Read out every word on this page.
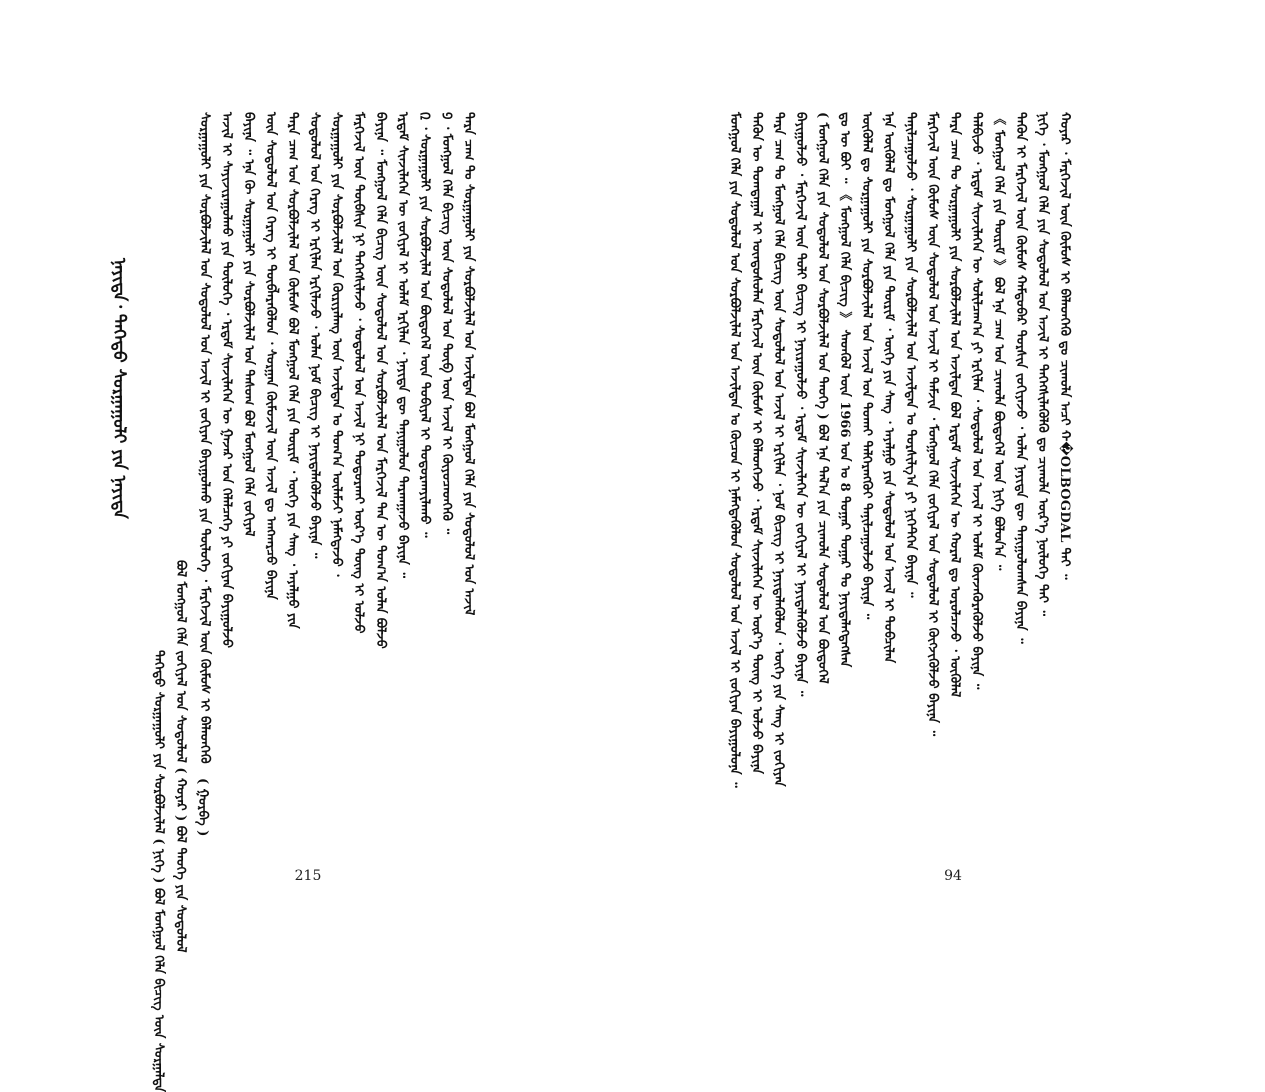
ᠨᠡᠶᠢᠲᠡ᠂ ᠳᠡᠭᠡᠳᠦ ᠰᠤᠷᠭᠠᠭᠤᠯᠢ ᠶᠢᠨ ᠨᠡᠶᠢᠲᠡ
ᠳᠡᠭᠡᠳᠦ ᠰᠤᠷᠭᠠᠭᠤᠯᠢ ᠶᠢᠨ ᠰᠤᠷᠪᠤᠯᠵᠢᠯᠠᠯ ( ᠨᠢᠭᠡ ) ᠪᠣᠯ ᠮᠣᠩᠭᠣᠯ ᠬᠡᠯᠡ ᠪᠢᠴᠢᠭ ᠦᠨ ᠰᠤᠷᠭᠠᠯᠲᠠ ᠪᠣᠯ ᠮᠣᠩᠭᠣᠯ ᠬᠡᠯᠡ ᠵᠣᠬᠢᠶᠠᠯ ᠤᠨ ᠰᠤᠳᠤᠯᠤᠯ ( ᠬᠣᠶᠠᠷ ) ᠪᠣᠯ ᠲᠡᠦᠬᠡ ᠶᠢᠨ ᠰᠤᠳᠤᠯᠤᠯ ( ᠭᠤᠷᠪᠠ )
ᠰᠤᠷᠭᠠᠭᠤᠯᠢ ᠶᠢᠨ ᠰᠤᠷᠪᠤᠯᠵᠢᠯᠠᠯ ᠤᠨ ᠰᠤᠳᠤᠯᠤᠯ ᠤᠨ ᠠᠵᠢᠯ ᠢ ᠵᠣᠬᠢᠶᠠᠨ ᠪᠠᠶᠢᠭᠤᠯᠬᠤ ᠶᠢᠨ ᠲᠥᠯᠥᠭᠡ ᠂ ᠮᠡᠷᠭᠡᠵᠢᠯ ᠦᠨ ᠬᠦᠮᠦᠰ ᠢ ᠪᠡᠯᠡᠳᠬᠡᠬᠦ ᠠᠵᠢᠯ ᠢ ᠰᠠᠶᠢᠵᠢᠷᠠᠭᠤᠯᠬᠤ ᠶᠢᠨ ᠲᠥᠯᠥᠭᠡ ᠂ ᠡᠷᠳᠡᠮ ᠰᠢᠨᠵᠢᠯᠡᠭᠡᠨ ᠦ ᠭᠠᠵᠠᠷ ᠤᠨ ᠬᠡᠯᠡᠯᠴᠡᠭᠡ ᠶᠢ ᠵᠣᠬᠢᠶᠠᠨ ᠪᠠᠶᠢᠭᠤᠯᠵᠤ ᠪᠠᠶᠢᠨᠠ ᠃ ᠡᠨᠡ ᠬᠦ ᠰᠤᠷᠭᠠᠭᠤᠯᠢ ᠶᠢᠨ ᠰᠤᠷᠪᠤᠯᠵᠢᠯᠠᠯ ᠤᠨ ᠲᠠᠰᠤᠭ ᠪᠣᠯ ᠮᠣᠩᠭᠣᠯ ᠬᠡᠯᠡ ᠵᠣᠬᠢᠶᠠᠯ ᠦᠨ ᠰᠤᠳᠤᠯᠤᠯ ᠤᠨ ᠬᠡᠷᠡᠭ ᠢ ᠲᠥᠪᠯᠡᠷᠡᠭᠦᠯᠦᠨ ᠂ ᠰᠤᠷᠭᠠᠨ ᠬᠦᠮᠦᠵᠢᠯ ᠦᠨ ᠠᠵᠢᠯ ᠳᠤ ᠠᠩᠬᠠᠷᠴᠤ ᠪᠠᠶᠢᠨᠠ ᠲᠡᠷᠡ ᠴᠠᠭ ᠤᠨ ᠰᠤᠷᠪᠤᠯᠵᠢᠯᠠᠯ ᠤᠨ ᠬᠦᠮᠦᠰ ᠪᠣᠯ ᠮᠣᠩᠭᠣᠯ ᠬᠡᠯᠡ ᠶᠢᠨ ᠳᠦᠷᠢᠮ ᠂ ᠦᠭᠡ ᠶᠢᠨ ᠰᠠᠩ ᠂ ᠠᠶᠠᠯᠭᠤ ᠶᠢᠨ ᠰᠤᠳᠤᠯᠤᠯ ᠤᠨ ᠬᠡᠷᠡᠭ ᠢ ᠡᠷᠬᠢᠯᠡᠨ ᠡᠷᠬᠢᠯᠡᠵᠦ ᠂ ᠣᠯᠠᠨ ᠨᠣᠮ ᠪᠢᠴᠢᠭ ᠢ ᠨᠡᠶᠢᠲᠡᠯᠡᠭᠦᠯᠵᠦ ᠪᠠᠶᠢᠨᠠ ᠃ ᠰᠤᠷᠭᠠᠭᠤᠯᠢ ᠶᠢᠨ ᠰᠤᠷᠪᠤᠯᠵᠢᠯᠠᠯ ᠤᠨ ᠬᠦᠷᠢᠶᠡᠯᠡᠩ ᠦᠨ ᠠᠵᠢᠯᠲᠠᠨ ᠤ ᠲᠣᠭ᠎ᠠ ᠦᠯᠡᠮᠵᠢ ᠨᠡᠮᠡᠭᠳᠡᠵᠦ ᠂ ᠮᠡᠷᠭᠡᠵᠢᠯ ᠦᠨ ᠲᠦᠪᠰᠢᠨ ᠨᠢ ᠳᠡᠭᠡᠭᠰᠢᠯᠡᠵᠦ ᠂ ᠰᠤᠳᠤᠯᠤᠯ ᠤᠨ ᠠᠵᠢᠯ ᠨᠢ ᠲᠣᠳᠣᠷᠬᠠᠢ ᠦᠷ᠎ᠡ ᠳᠦᠩ ᠢ ᠣᠯᠵᠤ ᠪᠠᠶᠢᠨᠠ ᠃ ᠮᠣᠩᠭᠣᠯ ᠬᠡᠯᠡ ᠪᠢᠴᠢᠭ ᠦᠨ ᠰᠤᠳᠤᠯᠤᠯ ᠤᠨ ᠰᠤᠷᠪᠤᠯᠵᠢᠯᠠᠯ ᠤᠨ ᠮᠡᠷᠭᠡᠵᠢᠯ ᠲᠡᠨ ᠦ ᠲᠣᠭ᠎ᠠ ᠣᠯᠠᠨ ᠪᠣᠯᠵᠤ ᠡᠷᠳᠡᠮ ᠰᠢᠨᠵᠢᠯᠡᠭᠡᠨ ᠦ ᠵᠣᠬᠢᠶᠠᠯ ᠢ ᠤᠯᠠᠮ ᠡᠷᠬᠢᠯᠡᠨ ᠂ ᠨᠡᠶᠢᠲᠡ ᠳᠦ ᠲᠠᠨᠢᠭᠤᠯᠤᠨ ᠲᠠᠷᠬᠠᠭᠠᠵᠤ ᠪᠠᠶᠢᠨᠠ ᠃ ᠒ ᠂ ᠰᠤᠷᠭᠠᠭᠤᠯᠢ ᠶᠢᠨ ᠰᠤᠷᠪᠤᠯᠵᠢᠯᠠᠯ ᠤᠨ ᠪᠦᠲᠦᠭᠡᠯ ᠦᠨ ᠲᠣᠪᠢᠶᠠᠯ ᠢ ᠲᠣᠳᠣᠷᠬᠠᠶᠢᠯᠠᠬᠤ ᠃ ᠑ ᠂ ᠮᠣᠩᠭᠣᠯ ᠬᠡᠯᠡ ᠪᠢᠴᠢᠭ ᠦᠨ ᠰᠤᠳᠤᠯᠤᠯ ᠤᠨ ᠲᠥᠪ ᠦᠨ ᠠᠵᠢᠯ ᠢ ᠭᠦᠶᠦᠴᠡᠳᠬᠡᠬᠦ ᠃ ᠲᠡᠷᠡ ᠴᠠᠭ ᠲᠤ ᠰᠤᠷᠭᠠᠭᠤᠯᠢ ᠶᠢᠨ ᠰᠤᠷᠪᠤᠯᠵᠢᠯᠠᠯ ᠤᠨ ᠠᠵᠢᠯᠲᠠᠨ ᠪᠣᠯ ᠮᠣᠩᠭᠣᠯ ᠬᠡᠯᠡ ᠶᠢᠨ ᠰᠤᠳᠤᠯᠤᠯ ᠤᠨ ᠠᠵᠢᠯ
215
ᠮᠣᠩᠭᠣᠯ ᠬᠡᠯᠡ ᠶᠢᠨ ᠰᠤᠳᠤᠯᠤᠯ ᠤᠨ ᠰᠤᠷᠪᠤᠯᠵᠢᠯᠠᠯ ᠤᠨ ᠠᠵᠢᠯᠲᠠᠨ ᠤ ᠬᠦᠴᠦᠨ ᠢ ᠨᠡᠮᠡᠭᠳᠡᠭᠦᠯᠦᠨ ᠰᠤᠳᠤᠯᠤᠯ ᠤᠨ ᠠᠵᠢᠯ ᠢ ᠵᠣᠬᠢᠶᠠᠨ ᠪᠠᠶᠢᠭᠤᠯᠤᠨᠠ ᠃ ᠲᠡᠭᠦᠨ ᠦ ᠲᠣᠭᠲᠠᠭᠠᠯ ᠢ ᠦᠨᠳᠦᠰᠦᠯᠡᠨ ᠮᠡᠷᠭᠡᠵᠢᠯ ᠦᠨ ᠬᠦᠮᠦᠰ ᠢ ᠪᠡᠯᠡᠳᠬᠡᠵᠦ ᠂ ᠡᠷᠳᠡᠮ ᠰᠢᠨᠵᠢᠯᠡᠭᠡᠨ ᠦ ᠦᠷ᠎ᠡ ᠳᠦᠩ ᠢ ᠣᠯᠵᠤ ᠪᠠᠶᠢᠨᠠ ᠲᠡᠷᠡ ᠴᠠᠭ ᠲᠤ ᠮᠣᠩᠭᠣᠯ ᠬᠡᠯᠡ ᠪᠢᠴᠢᠭ ᠦᠨ ᠰᠤᠳᠤᠯᠤᠯ ᠤᠨ ᠠᠵᠢᠯ ᠢ ᠡᠷᠬᠢᠯᠡᠨ ᠂ ᠨᠣᠮ ᠪᠢᠴᠢᠭ ᠢ ᠨᠡᠶᠢᠲᠡᠯᠡᠭᠦᠯᠦᠨ ᠂ ᠦᠭᠡ ᠶᠢᠨ ᠰᠠᠩ ᠢ ᠵᠣᠬᠢᠶᠠᠨ ᠪᠠᠶᠢᠭᠤᠯᠵᠤ ᠂ ᠮᠡᠷᠭᠡᠵᠢᠯ ᠦᠨ ᠲᠣᠯᠢ ᠪᠢᠴᠢᠭ ᠢ ᠨᠠᠶᠢᠷᠠᠭᠤᠯᠵᠤ ᠂ ᠡᠷᠳᠡᠮ ᠰᠢᠨᠵᠢᠯᠡᠭᠡᠨ ᠦ ᠵᠣᠬᠢᠶᠠᠯ ᠢ ᠨᠡᠶᠢᠲᠡᠯᠡᠭᠦᠯᠵᠦ ᠪᠠᠶᠢᠨᠠ ᠃ ( ᠮᠣᠩᠭᠣᠯ ᠬᠡᠯᠡ ᠶᠢᠨ ᠰᠤᠳᠤᠯᠤᠯ ᠤᠨ ᠰᠤᠷᠪᠤᠯᠵᠢᠯᠠᠯ ᠤᠨ ᠲᠡᠦᠬᠡ ) ᠪᠣᠯ ᠡᠨᠡ ᠲᠠᠯ᠎ᠠ ᠶᠢᠨ ᠴᠢᠬᠤᠯᠠ ᠰᠤᠳᠤᠯᠤᠯ ᠤᠨ ᠪᠦᠲᠦᠭᠡᠯ ᠳᠤ ᠦ ᠪᠣᠢ ᠃ 《 ᠮᠣᠩᠭᠣᠯ ᠬᠡᠯᠡ ᠪᠢᠴᠢᠭ 》 ᠰᠡᠳᠬᠦᠯ ᠦᠨ 1966 ᠣᠨ ᠤ 8 ᠳᠤᠭᠠᠷ ᠳᠤᠭᠠᠷ ᠲᠤ ᠨᠡᠶᠢᠲᠡᠯᠡᠭᠳᠡᠭᠰᠡᠨ ᠥᠭᠦᠯᠡᠯ ᠳᠤ ᠰᠤᠷᠭᠠᠭᠤᠯᠢ ᠶᠢᠨ ᠰᠤᠷᠪᠤᠯᠵᠢᠯᠠᠯ ᠤᠨ ᠠᠵᠢᠯ ᠤᠨ ᠲᠤᠬᠠᠢ ᠳᠡᠯᠭᠡᠷᠡᠩᠭᠦᠢ ᠲᠠᠨᠢᠯᠴᠠᠭᠤᠯᠵᠤ ᠪᠠᠶᠢᠨᠠ ᠃ ᠡᠨᠡ ᠥᠭᠦᠯᠡᠯ ᠳᠤ ᠮᠣᠩᠭᠣᠯ ᠬᠡᠯᠡ ᠶᠢᠨ ᠳᠦᠷᠢᠮ ᠂ ᠦᠭᠡ ᠶᠢᠨ ᠰᠠᠩ ᠂ ᠠᠶᠠᠯᠭᠤ ᠶᠢᠨ ᠰᠤᠳᠤᠯᠤᠯ ᠤᠨ ᠠᠵᠢᠯ ᠢ ᠲᠣᠪᠴᠢᠯᠠᠨ ᠲᠠᠨᠢᠯᠴᠠᠭᠤᠯᠵᠤ ᠂ ᠰᠤᠷᠭᠠᠭᠤᠯᠢ ᠶᠢᠨ ᠰᠤᠷᠪᠤᠯᠵᠢᠯᠠᠯ ᠤᠨ ᠠᠵᠢᠯᠲᠠᠨ ᠤ ᠲᠤᠷᠰᠢᠯᠭ᠎ᠠ ᠶᠢ ᠨᠢᠭᠡᠲᠭᠡᠨ ᠪᠠᠶᠢᠨᠠ ᠃ ᠮᠡᠷᠭᠡᠵᠢᠯ ᠦᠨ ᠬᠦᠮᠦᠰ ᠦᠨ ᠰᠤᠳᠤᠯᠤᠯ ᠤᠨ ᠠᠵᠢᠯ ᠢ ᠳᠡᠮᠵᠢᠨ ᠂ ᠮᠣᠩᠭᠣᠯ ᠬᠡᠯᠡ ᠵᠣᠬᠢᠶᠠᠯ ᠤᠨ ᠰᠤᠳᠤᠯᠤᠯ ᠢ ᠬᠥᠭᠵᠢᠭᠦᠯᠵᠦ ᠪᠠᠶᠢᠨᠠ ᠃ ᠲᠡᠷᠡ ᠴᠠᠭ ᠲᠤ ᠰᠤᠷᠭᠠᠭᠤᠯᠢ ᠶᠢᠨ ᠰᠤᠷᠪᠤᠯᠵᠢᠯᠠᠯ ᠤᠨ ᠠᠵᠢᠯᠲᠠᠨ ᠪᠣᠯ ᠡᠷᠳᠡᠮ ᠰᠢᠨᠵᠢᠯᠡᠭᠡᠨ ᠦ ᠬᠤᠷᠠᠯ ᠳᠤ ᠣᠷᠤᠯᠴᠠᠵᠤ ᠂ ᠥᠭᠦᠯᠡᠯ ᠲᠠᠯᠪᠢᠵᠤ ᠂ ᠡᠷᠳᠡᠮ ᠰᠢᠨᠵᠢᠯᠡᠭᠡᠨ ᠦ ᠰᠣᠯᠢᠯᠴᠠᠭ᠎ᠠ ᠶᠢ ᠡᠷᠬᠢᠯᠡᠨ ᠂ ᠰᠤᠳᠤᠯᠤᠯ ᠤᠨ ᠠᠵᠢᠯ ᠢ ᠤᠯᠠᠮ ᠭᠦᠨᠵᠡᠭᠦᠷᠡᠭᠦᠯᠵᠦ ᠪᠠᠶᠢᠨᠠ ᠃ 《 ᠮᠣᠩᠭᠣᠯ ᠬᠡᠯᠡ ᠶᠢᠨ ᠳᠦᠷᠢᠮ 》 ᠪᠣᠯ ᠡᠨᠡ ᠴᠠᠭ ᠤᠨ ᠴᠢᠬᠤᠯᠠ ᠪᠦᠲᠦᠭᠡᠯ ᠦᠨ ᠨᠢᠭᠡ ᠪᠣᠯᠤᠨ᠎ᠠ ᠃ ᠲᠡᠭᠦᠨ ᠢ ᠮᠡᠷᠭᠡᠵᠢᠯ ᠦᠨ ᠬᠦᠮᠦᠰ ᠬᠠᠮᠲᠤᠪᠠᠷ ᠲᠤᠷᠰᠢᠨ ᠵᠣᠬᠢᠶᠠᠵᠤ ᠂ ᠣᠯᠠᠨ ᠨᠡᠶᠢᠲᠡ ᠳᠦ ᠲᠠᠨᠢᠭᠤᠯᠤᠭᠰᠠᠨ ᠪᠠᠶᠢᠨᠠ ᠃ ᠨᠢᠭᠡ ᠂ ᠮᠣᠩᠭᠣᠯ ᠬᠡᠯᠡ ᠶᠢᠨ ᠰᠤᠳᠤᠯᠤᠯ ᠤᠨ ᠠᠵᠢᠯ ᠢ ᠳᠡᠭᠡᠭᠰᠢᠯᠡᠭᠦᠯᠬᠦ ᠳᠤ ᠴᠢᠬᠤᠯᠠ ᠦᠷ᠎ᠡ ᠨᠥᠯᠥᠭᠡ ᠲᠡᠢ ᠃ ᠬᠣᠶᠠᠷ ᠂ ᠮᠡᠷᠭᠡᠵᠢᠯ ᠦᠨ ᠬᠦᠮᠦᠰ ᠢ ᠪᠡᠯᠡᠳᠬᠡᠬᠦ ᠳᠤ ᠴᠢᠬᠤᠯᠠ ᠠᠴᠢ ᠬ�OLBOGDAL ᠲᠡᠢ ᠃
94
